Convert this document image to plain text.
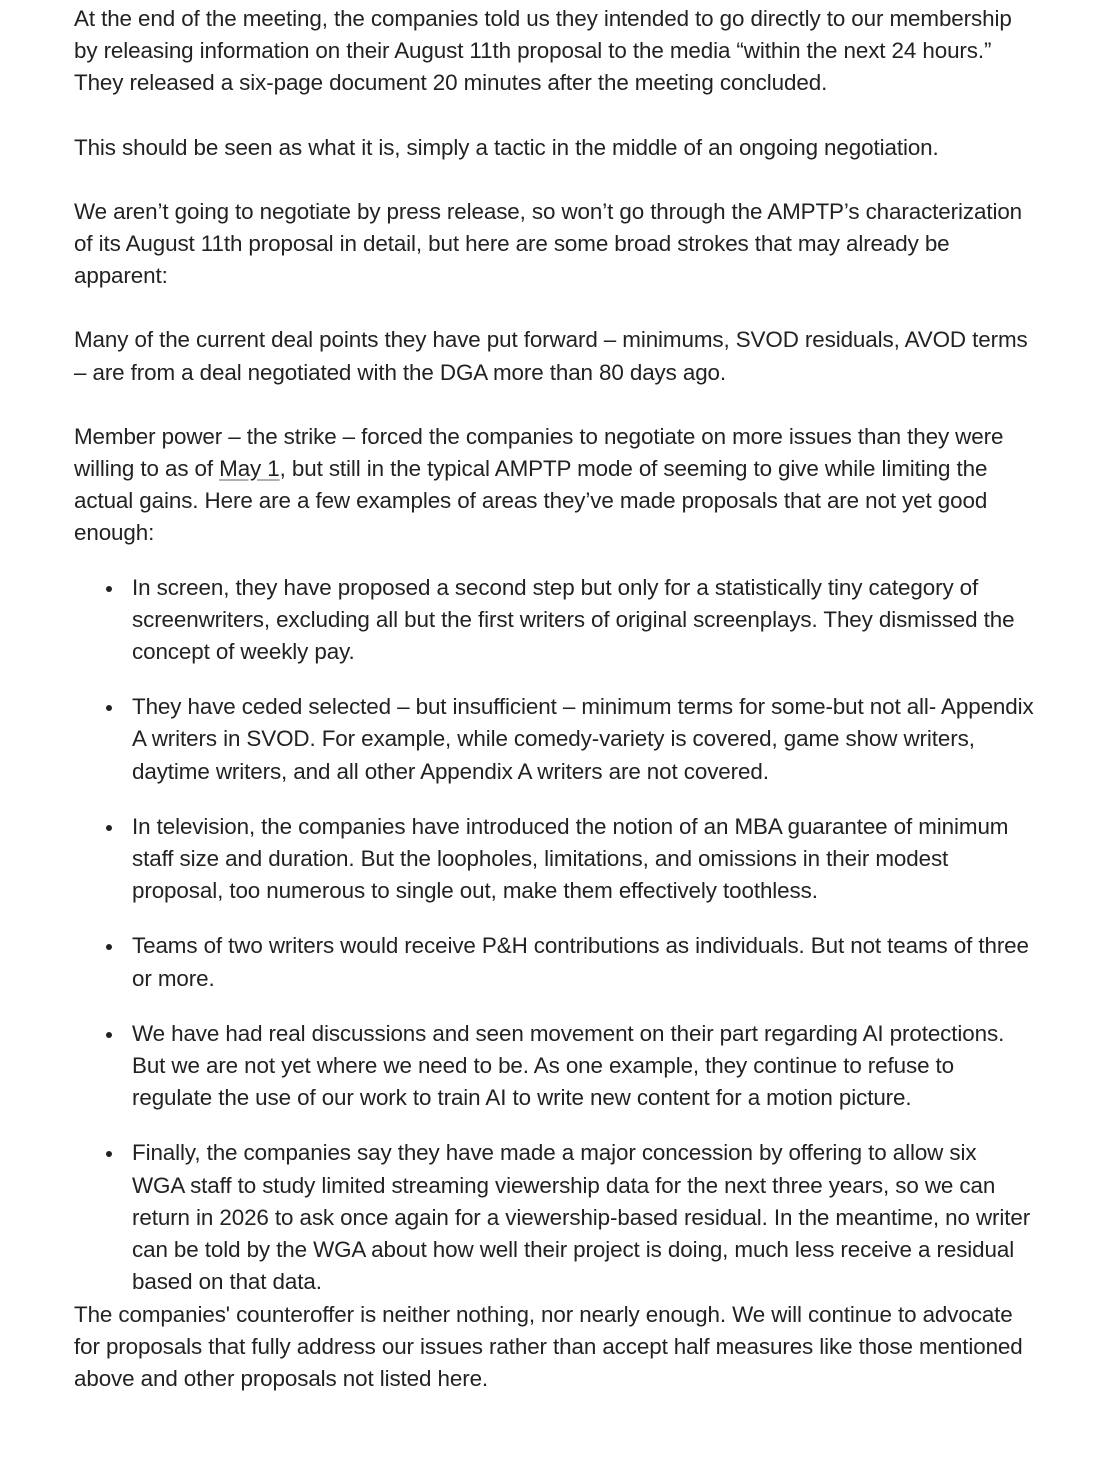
At the end of the meeting, the companies told us they intended to go directly to our membership by releasing information on their August 11th proposal to the media “within the next 24 hours.” They released a six-page document 20 minutes after the meeting concluded.

This should be seen as what it is, simply a tactic in the middle of an ongoing negotiation.

We aren’t going to negotiate by press release, so won’t go through the AMPTP’s characterization of its August 11th proposal in detail, but here are some broad strokes that may already be apparent:

Many of the current deal points they have put forward – minimums, SVOD residuals, AVOD terms – are from a deal negotiated with the DGA more than 80 days ago.

Member power – the strike – forced the companies to negotiate on more issues than they were willing to as of May 1, but still in the typical AMPTP mode of seeming to give while limiting the actual gains. Here are a few examples of areas they’ve made proposals that are not yet good enough:

In screen, they have proposed a second step but only for a statistically tiny category of screenwriters, excluding all but the first writers of original screenplays. They dismissed the concept of weekly pay.
They have ceded selected – but insufficient – minimum terms for some-but not all- Appendix A writers in SVOD. For example, while comedy-variety is covered, game show writers, daytime writers, and all other Appendix A writers are not covered.
In television, the companies have introduced the notion of an MBA guarantee of minimum staff size and duration. But the loopholes, limitations, and omissions in their modest proposal, too numerous to single out, make them effectively toothless.
Teams of two writers would receive P&H contributions as individuals. But not teams of three or more.
We have had real discussions and seen movement on their part regarding AI protections. But we are not yet where we need to be. As one example, they continue to refuse to regulate the use of our work to train AI to write new content for a motion picture.
Finally, the companies say they have made a major concession by offering to allow six WGA staff to study limited streaming viewership data for the next three years, so we can return in 2026 to ask once again for a viewership-based residual. In the meantime, no writer can be told by the WGA about how well their project is doing, much less receive a residual based on that data.

The companies' counteroffer is neither nothing, nor nearly enough. We will continue to advocate for proposals that fully address our issues rather than accept half measures like those mentioned above and other proposals not listed here.
